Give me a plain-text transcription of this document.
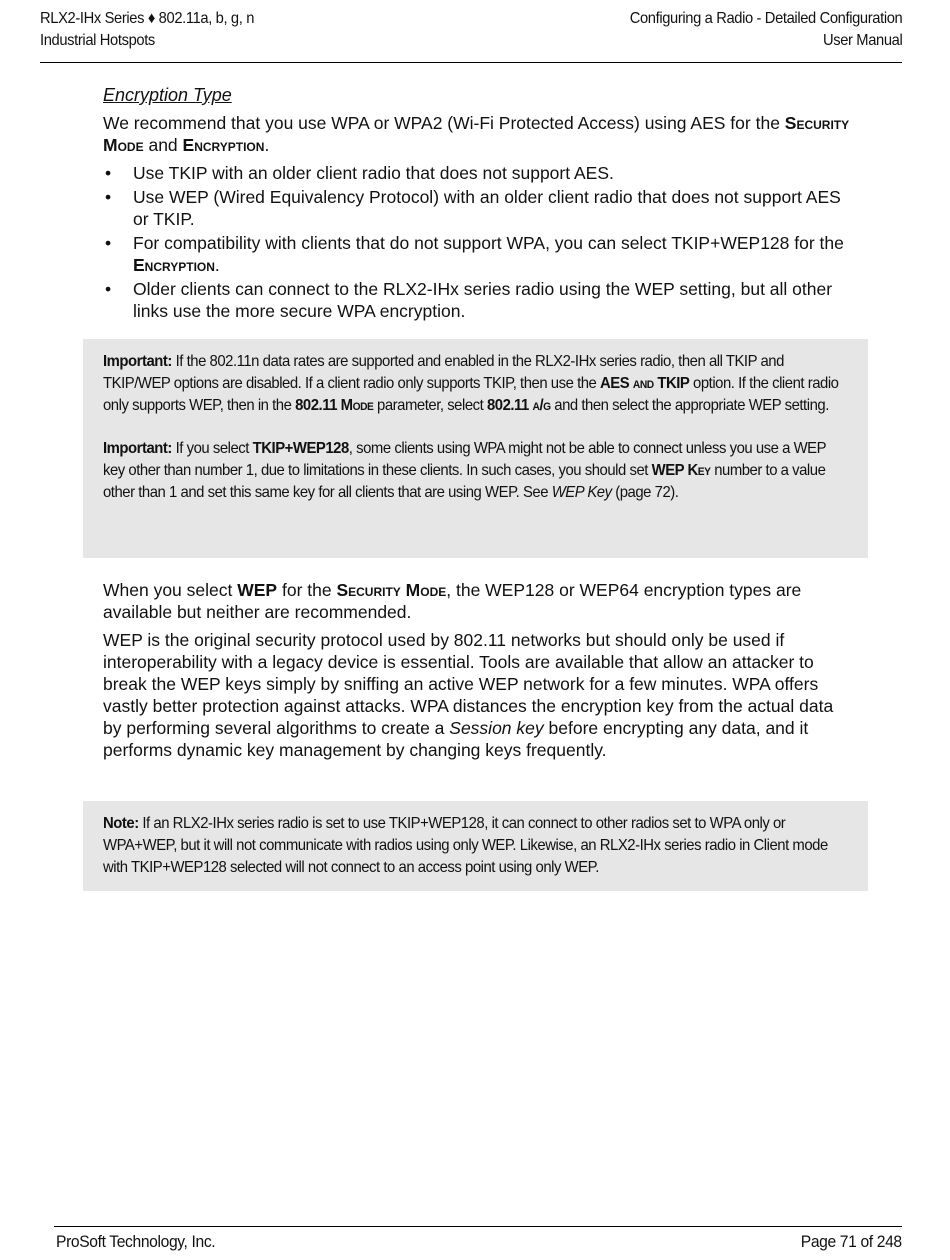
RLX2-IHx Series ♦ 802.11a, b, g, n
Industrial Hotspots
Configuring a Radio - Detailed Configuration
User Manual
Encryption Type

We recommend that you use WPA or WPA2 (Wi-Fi Protected Access) using AES for the Security Mode and Encryption.

• Use TKIP with an older client radio that does not support AES.
• Use WEP (Wired Equivalency Protocol) with an older client radio that does not support AES or TKIP.
• For compatibility with clients that do not support WPA, you can select TKIP+WEP128 for the Encryption.
• Older clients can connect to the RLX2-IHx series radio using the WEP setting, but all other links use the more secure WPA encryption.
Important: If the 802.11n data rates are supported and enabled in the RLX2-IHx series radio, then all TKIP and TKIP/WEP options are disabled. If a client radio only supports TKIP, then use the AES and TKIP option. If the client radio only supports WEP, then in the 802.11 Mode parameter, select 802.11 a/g and then select the appropriate WEP setting.
Important: If you select TKIP+WEP128, some clients using WPA might not be able to connect unless you use a WEP key other than number 1, due to limitations in these clients. In such cases, you should set WEP Key number to a value other than 1 and set this same key for all clients that are using WEP. See WEP Key (page 72).

When you select WEP for the Security Mode, the WEP128 or WEP64 encryption types are available but neither are recommended.

WEP is the original security protocol used by 802.11 networks but should only be used if interoperability with a legacy device is essential. Tools are available that allow an attacker to break the WEP keys simply by sniffing an active WEP network for a few minutes. WPA offers vastly better protection against attacks. WPA distances the encryption key from the actual data by performing several algorithms to create a Session key before encrypting any data, and it performs dynamic key management by changing keys frequently.

Note: If an RLX2-IHx series radio is set to use TKIP+WEP128, it can connect to other radios set to WPA only or WPA+WEP, but it will not communicate with radios using only WEP. Likewise, an RLX2-IHx series radio in Client mode with TKIP+WEP128 selected will not connect to an access point using only WEP.
ProSoft Technology, Inc.	Page 71 of 248
